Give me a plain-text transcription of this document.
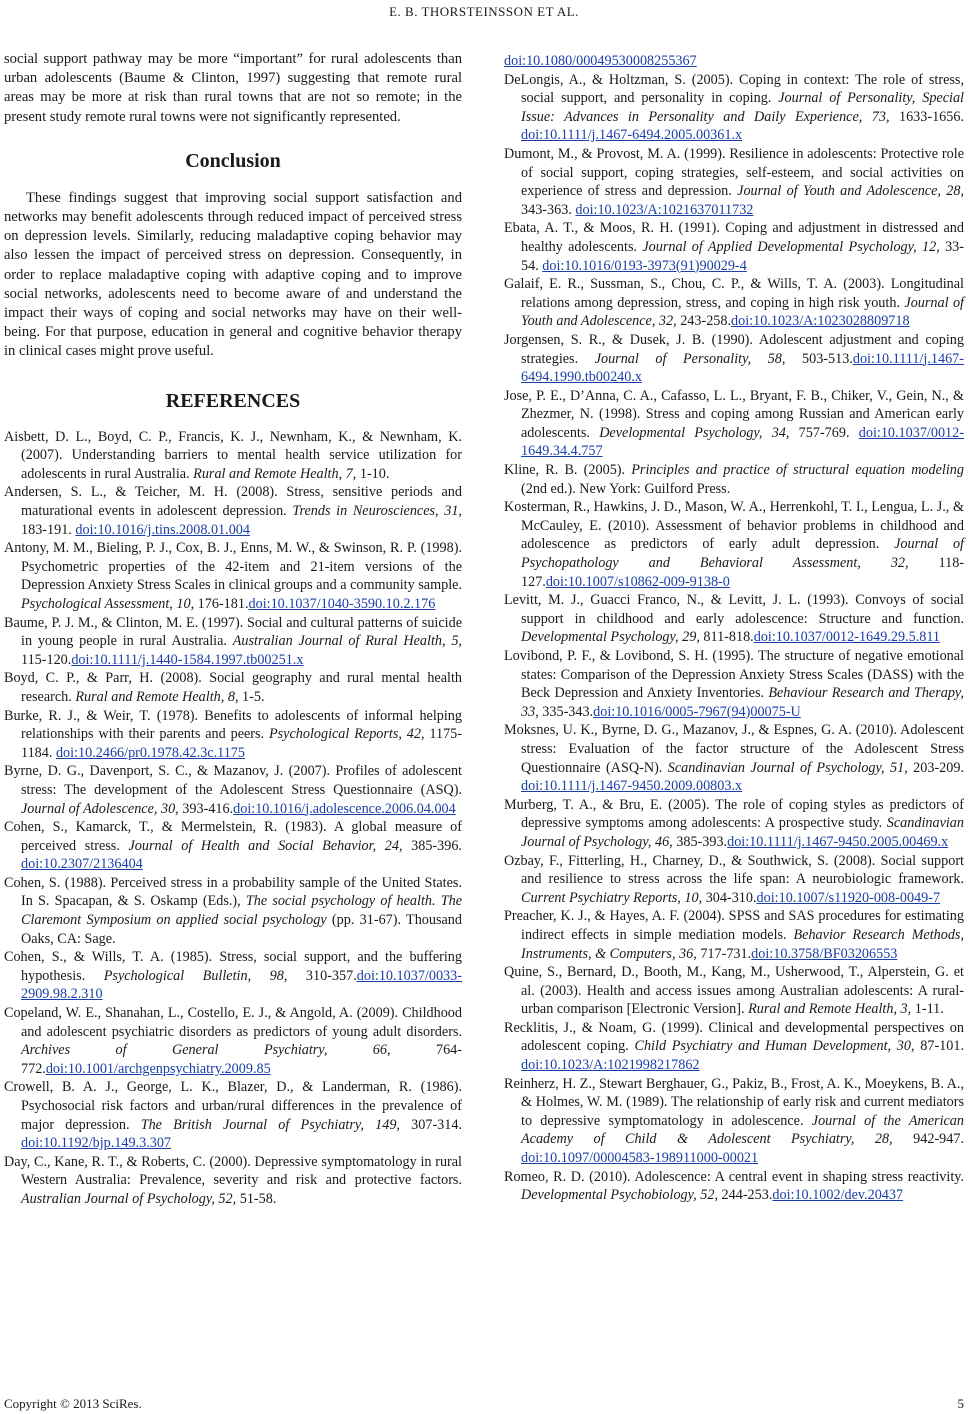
E. B. THORSTEINSSON ET AL.

social support pathway may be more “important” for rural adolescents than urban adolescents (Baume & Clinton, 1997) suggesting that remote rural areas may be more at risk than rural towns that are not so remote; in the present study remote rural towns were not significantly represented.

Conclusion

These findings suggest that improving social support satisfaction and networks may benefit adolescents through reduced impact of perceived stress on depression levels. Similarly, reducing maladaptive coping behavior may also lessen the impact of perceived stress on depression. Consequently, in order to replace maladaptive coping with adaptive coping and to improve social networks, adolescents need to become aware of and understand the impact their ways of coping and social networks may have on their well-being. For that purpose, education in general and cognitive behavior therapy in clinical cases might prove useful.

REFERENCES

Aisbett, D. L., Boyd, C. P., Francis, K. J., Newnham, K., & Newnham, K. (2007). Understanding barriers to mental health service utilization for adolescents in rural Australia. Rural and Remote Health, 7, 1-10.

Andersen, S. L., & Teicher, M. H. (2008). Stress, sensitive periods and maturational events in adolescent depression. Trends in Neurosciences, 31, 183-191. doi:10.1016/j.tins.2008.01.004

Antony, M. M., Bieling, P. J., Cox, B. J., Enns, M. W., & Swinson, R. P. (1998). Psychometric properties of the 42-item and 21-item versions of the Depression Anxiety Stress Scales in clinical groups and a community sample. Psychological Assessment, 10, 176-181.doi:10.1037/1040-3590.10.2.176

Baume, P. J. M., & Clinton, M. E. (1997). Social and cultural patterns of suicide in young people in rural Australia. Australian Journal of Rural Health, 5, 115-120.doi:10.1111/j.1440-1584.1997.tb00251.x

Boyd, C. P., & Parr, H. (2008). Social geography and rural mental health research. Rural and Remote Health, 8, 1-5.

Burke, R. J., & Weir, T. (1978). Benefits to adolescents of informal helping relationships with their parents and peers. Psychological Reports, 42, 1175-1184. doi:10.2466/pr0.1978.42.3c.1175

Byrne, D. G., Davenport, S. C., & Mazanov, J. (2007). Profiles of adolescent stress: The development of the Adolescent Stress Questionnaire (ASQ). Journal of Adolescence, 30, 393-416.doi:10.1016/j.adolescence.2006.04.004

Cohen, S., Kamarck, T., & Mermelstein, R. (1983). A global measure of perceived stress. Journal of Health and Social Behavior, 24, 385-396. doi:10.2307/2136404

Cohen, S. (1988). Perceived stress in a probability sample of the United States. In S. Spacapan, & S. Oskamp (Eds.), The social psychology of health. The Claremont Symposium on applied social psychology (pp. 31-67). Thousand Oaks, CA: Sage.

Cohen, S., & Wills, T. A. (1985). Stress, social support, and the buffering hypothesis. Psychological Bulletin, 98, 310-357.doi:10.1037/0033-2909.98.2.310

Copeland, W. E., Shanahan, L., Costello, E. J., & Angold, A. (2009). Childhood and adolescent psychiatric disorders as predictors of young adult disorders. Archives of General Psychiatry, 66, 764-772.doi:10.1001/archgenpsychiatry.2009.85

Crowell, B. A. J., George, L. K., Blazer, D., & Landerman, R. (1986). Psychosocial risk factors and urban/rural differences in the prevalence of major depression. The British Journal of Psychiatry, 149, 307-314. doi:10.1192/bjp.149.3.307

Day, C., Kane, R. T., & Roberts, C. (2000). Depressive symptomatology in rural Western Australia: Prevalence, severity and risk and protective factors. Australian Journal of Psychology, 52, 51-58.

doi:10.1080/00049530008255367

DeLongis, A., & Holtzman, S. (2005). Coping in context: The role of stress, social support, and personality in coping. Journal of Personality, Special Issue: Advances in Personality and Daily Experience, 73, 1633-1656. doi:10.1111/j.1467-6494.2005.00361.x

Dumont, M., & Provost, M. A. (1999). Resilience in adolescents: Protective role of social support, coping strategies, self-esteem, and social activities on experience of stress and depression. Journal of Youth and Adolescence, 28, 343-363. doi:10.1023/A:1021637011732

Ebata, A. T., & Moos, R. H. (1991). Coping and adjustment in distressed and healthy adolescents. Journal of Applied Developmental Psychology, 12, 33-54. doi:10.1016/0193-3973(91)90029-4

Galaif, E. R., Sussman, S., Chou, C. P., & Wills, T. A. (2003). Longitudinal relations among depression, stress, and coping in high risk youth. Journal of Youth and Adolescence, 32, 243-258.doi:10.1023/A:1023028809718

Jorgensen, S. R., & Dusek, J. B. (1990). Adolescent adjustment and coping strategies. Journal of Personality, 58, 503-513.doi:10.1111/j.1467-6494.1990.tb00240.x

Jose, P. E., D’Anna, C. A., Cafasso, L. L., Bryant, F. B., Chiker, V., Gein, N., & Zhezmer, N. (1998). Stress and coping among Russian and American early adolescents. Developmental Psychology, 34, 757-769. doi:10.1037/0012-1649.34.4.757

Kline, R. B. (2005). Principles and practice of structural equation modeling (2nd ed.). New York: Guilford Press.

Kosterman, R., Hawkins, J. D., Mason, W. A., Herrenkohl, T. I., Lengua, L. J., & McCauley, E. (2010). Assessment of behavior problems in childhood and adolescence as predictors of early adult depression. Journal of Psychopathology and Behavioral Assessment, 32, 118-127.doi:10.1007/s10862-009-9138-0

Levitt, M. J., Guacci Franco, N., & Levitt, J. L. (1993). Convoys of social support in childhood and early adolescence: Structure and function. Developmental Psychology, 29, 811-818.doi:10.1037/0012-1649.29.5.811

Lovibond, P. F., & Lovibond, S. H. (1995). The structure of negative emotional states: Comparison of the Depression Anxiety Stress Scales (DASS) with the Beck Depression and Anxiety Inventories. Behaviour Research and Therapy, 33, 335-343.doi:10.1016/0005-7967(94)00075-U

Moksnes, U. K., Byrne, D. G., Mazanov, J., & Espnes, G. A. (2010). Adolescent stress: Evaluation of the factor structure of the Adolescent Stress Questionnaire (ASQ-N). Scandinavian Journal of Psychology, 51, 203-209. doi:10.1111/j.1467-9450.2009.00803.x

Murberg, T. A., & Bru, E. (2005). The role of coping styles as predictors of depressive symptoms among adolescents: A prospective study. Scandinavian Journal of Psychology, 46, 385-393.doi:10.1111/j.1467-9450.2005.00469.x

Ozbay, F., Fitterling, H., Charney, D., & Southwick, S. (2008). Social support and resilience to stress across the life span: A neurobiologic framework. Current Psychiatry Reports, 10, 304-310.doi:10.1007/s11920-008-0049-7

Preacher, K. J., & Hayes, A. F. (2004). SPSS and SAS procedures for estimating indirect effects in simple mediation models. Behavior Research Methods, Instruments, & Computers, 36, 717-731.doi:10.3758/BF03206553

Quine, S., Bernard, D., Booth, M., Kang, M., Usherwood, T., Alperstein, G. et al. (2003). Health and access issues among Australian adolescents: A rural-urban comparison [Electronic Version]. Rural and Remote Health, 3, 1-11.

Recklitis, J., & Noam, G. (1999). Clinical and developmental perspectives on adolescent coping. Child Psychiatry and Human Development, 30, 87-101. doi:10.1023/A:1021998217862

Reinherz, H. Z., Stewart Berghauer, G., Pakiz, B., Frost, A. K., Moeykens, B. A., & Holmes, W. M. (1989). The relationship of early risk and current mediators to depressive symptomatology in adolescence. Journal of the American Academy of Child & Adolescent Psychiatry, 28, 942-947. doi:10.1097/00004583-198911000-00021

Romeo, R. D. (2010). Adolescence: A central event in shaping stress reactivity. Developmental Psychobiology, 52, 244-253.doi:10.1002/dev.20437

Copyright © 2013 SciRes.	5
